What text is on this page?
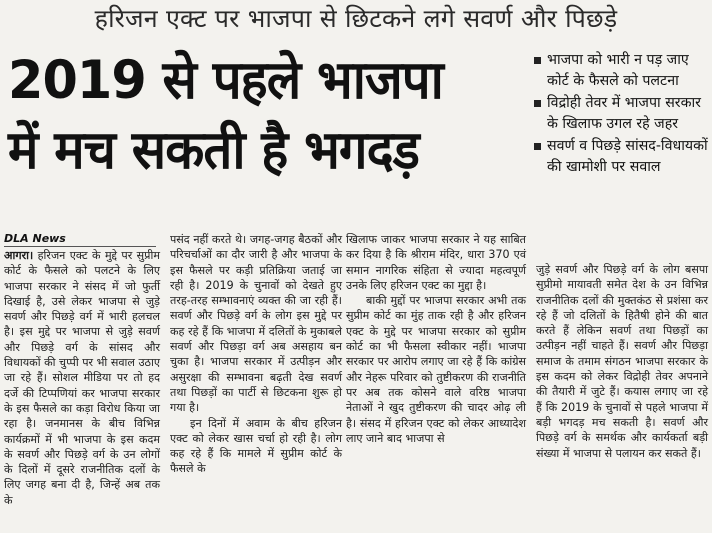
हरिजन एक्ट पर भाजपा से छिटकने लगे सवर्ण और पिछड़े
2019 से पहले भाजपा
में मच सकती है भगदड़
भाजपा को भारी न पड़ जाए कोर्ट के फैसले को पलटना
विद्रोही तेवर में भाजपा सरकार के खिलाफ उगल रहे जहर
सवर्ण व पिछड़े सांसद-विधायकों की खामोशी पर सवाल
DLA News

आगरा। हरिजन एक्ट के मुद्दे पर सुप्रीम कोर्ट के फैसले को पलटने के लिए भाजपा सरकार ने संसद में जो फुर्ती दिखाई है, उसे लेकर भाजपा से जुड़े सवर्ण और पिछड़े वर्ग में भारी हलचल है। इस मुद्दे पर भाजपा से जुड़े सवर्ण और पिछड़े वर्ग के सांसद और विधायकों की चुप्पी पर भी सवाल उठाए जा रहे हैं। सोशल मीडिया पर तो हद दर्जे की टिप्पणियां कर भाजपा सरकार के इस फैसले का कड़ा विरोध किया जा रहा है। जनमानस के बीच विभिन्न कार्यक्रमों में भी भाजपा के इस कदम के सवर्ण और पिछड़े वर्ग के उन लोगों के दिलों में दूसरे राजनीतिक दलों के लिए जगह बना दी है, जिन्हें अब तक के

पसंद नहीं करते थे। जगह-जगह बैठकों और परिचर्चाओं का दौर जारी है और भाजपा के इस फैसले पर कड़ी प्रतिक्रिया जताई जा रही है। 2019 के चुनावों को देखते हुए तरह-तरह सम्भावनाएं व्यक्त की जा रही हैं। सवर्ण और पिछड़े वर्ग के लोग इस मुद्दे पर कह रहे हैं कि भाजपा में दलितों के मुकाबले सवर्ण और पिछड़ा वर्ग अब असहाय बन चुका है। भाजपा सरकार में उत्पीड़न और असुरक्षा की सम्भावना बढ़ती देख सवर्ण तथा पिछड़ों का पार्टी से छिटकना शुरू हो गया है।

इन दिनों में अवाम के बीच हरिजन एक्ट को लेकर खास चर्चा हो रही है। लोग कह रहे हैं कि मामले में सुप्रीम कोर्ट के फैसले के

खिलाफ जाकर भाजपा सरकार ने यह साबित कर दिया है कि श्रीराम मंदिर, धारा 370 एवं समान नागरिक संहिता से ज्यादा महत्वपूर्ण उनके लिए हरिजन एक्ट का मुद्दा है।

बाकी मुद्दों पर भाजपा सरकार अभी तक सुप्रीम कोर्ट का मुंह ताक रही है और हरिजन एक्ट के मुद्दे पर भाजपा सरकार को सुप्रीम कोर्ट का भी फैसला स्वीकार नहीं। भाजपा सरकार पर आरोप लगाए जा रहे हैं कि कांग्रेस और नेहरू परिवार को तुष्टीकरण की राजनीति पर अब तक कोसने वाले वरिष्ठ भाजपा नेताओं ने खुद तुष्टीकरण की चादर ओढ़ ली है। संसद में हरिजन एक्ट को लेकर आध्यादेश लाए जाने बाद भाजपा से

जुड़े सवर्ण और पिछड़े वर्ग के लोग बसपा सुप्रीमो मायावती समेत देश के उन विभिन्न राजनीतिक दलों की मुक्तकंठ से प्रशंसा कर रहे हैं जो दलितों के हितैषी होने की बात करते हैं लेकिन सवर्ण तथा पिछड़ों का उत्पीड़न नहीं चाहते हैं। सवर्ण और पिछड़ा समाज के तमाम संगठन भाजपा सरकार के इस कदम को लेकर विद्रोही तेवर अपनाने की तैयारी में जुटे हैं। कयास लगाए जा रहे हैं कि 2019 के चुनावों से पहले भाजपा में बड़ी भगदड़ मच सकती है। सवर्ण और पिछड़े वर्ग के समर्थक और कार्यकर्ता बड़ी संख्या में भाजपा से पलायन कर सकते हैं।
